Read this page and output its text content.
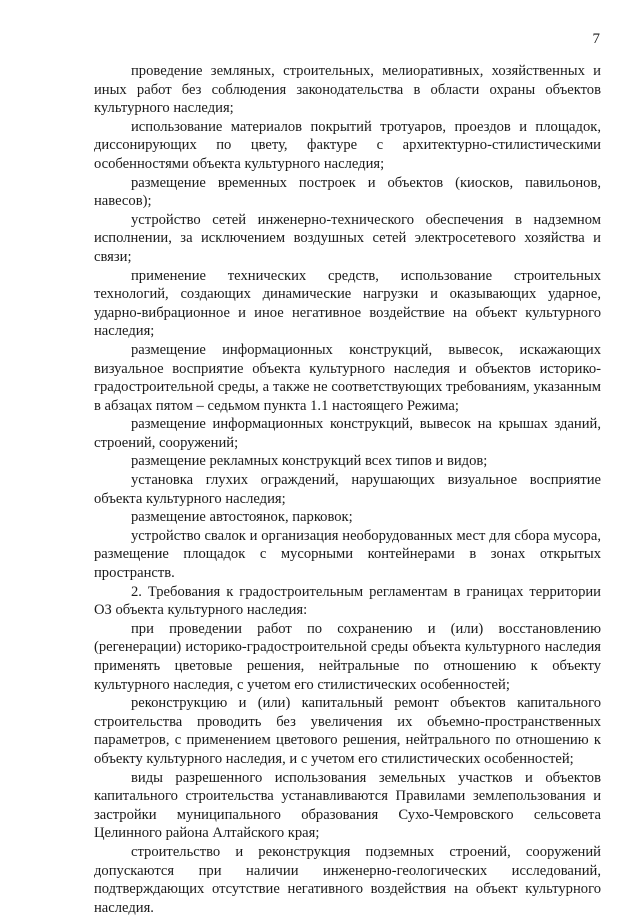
7

проведение земляных, строительных, мелиоративных, хозяйственных и иных работ без соблюдения законодательства в области охраны объектов культурного наследия;

использование материалов покрытий тротуаров, проездов и площадок, диссонирующих по цвету, фактуре с архитектурно-стилистическими особенностями объекта культурного наследия;

размещение временных построек и объектов (киосков, павильонов, навесов);

устройство сетей инженерно-технического обеспечения в надземном исполнении, за исключением воздушных сетей электросетевого хозяйства и связи;

применение технических средств, использование строительных технологий, создающих динамические нагрузки и оказывающих ударное, ударно-вибрационное и иное негативное воздействие на объект культурного наследия;

размещение информационных конструкций, вывесок, искажающих визуальное восприятие объекта культурного наследия и объектов историко-градостроительной среды, а также не соответствующих требованиям, указанным в абзацах пятом – седьмом пункта 1.1 настоящего Режима;

размещение информационных конструкций, вывесок на крышах зданий, строений, сооружений;

размещение рекламных конструкций всех типов и видов;

установка глухих ограждений, нарушающих визуальное восприятие объекта культурного наследия;

размещение автостоянок, парковок;

устройство свалок и организация необорудованных мест для сбора мусора, размещение площадок с мусорными контейнерами в зонах открытых пространств.

2. Требования к градостроительным регламентам в границах территории ОЗ объекта культурного наследия:

при проведении работ по сохранению и (или) восстановлению (регенерации) историко-градостроительной среды объекта культурного наследия применять цветовые решения, нейтральные по отношению к объекту культурного наследия, с учетом его стилистических особенностей;

реконструкцию и (или) капитальный ремонт объектов капитального строительства проводить без увеличения их объемно-пространственных параметров, с применением цветового решения, нейтрального по отношению к объекту культурного наследия, и с учетом его стилистических особенностей;

виды разрешенного использования земельных участков и объектов капитального строительства устанавливаются Правилами землепользования и застройки муниципального образования Сухо-Чемровского сельсовета Целинного района Алтайского края;

строительство и реконструкция подземных строений, сооружений допускаются при наличии инженерно-геологических исследований, подтверждающих отсутствие негативного воздействия на объект культурного наследия.
